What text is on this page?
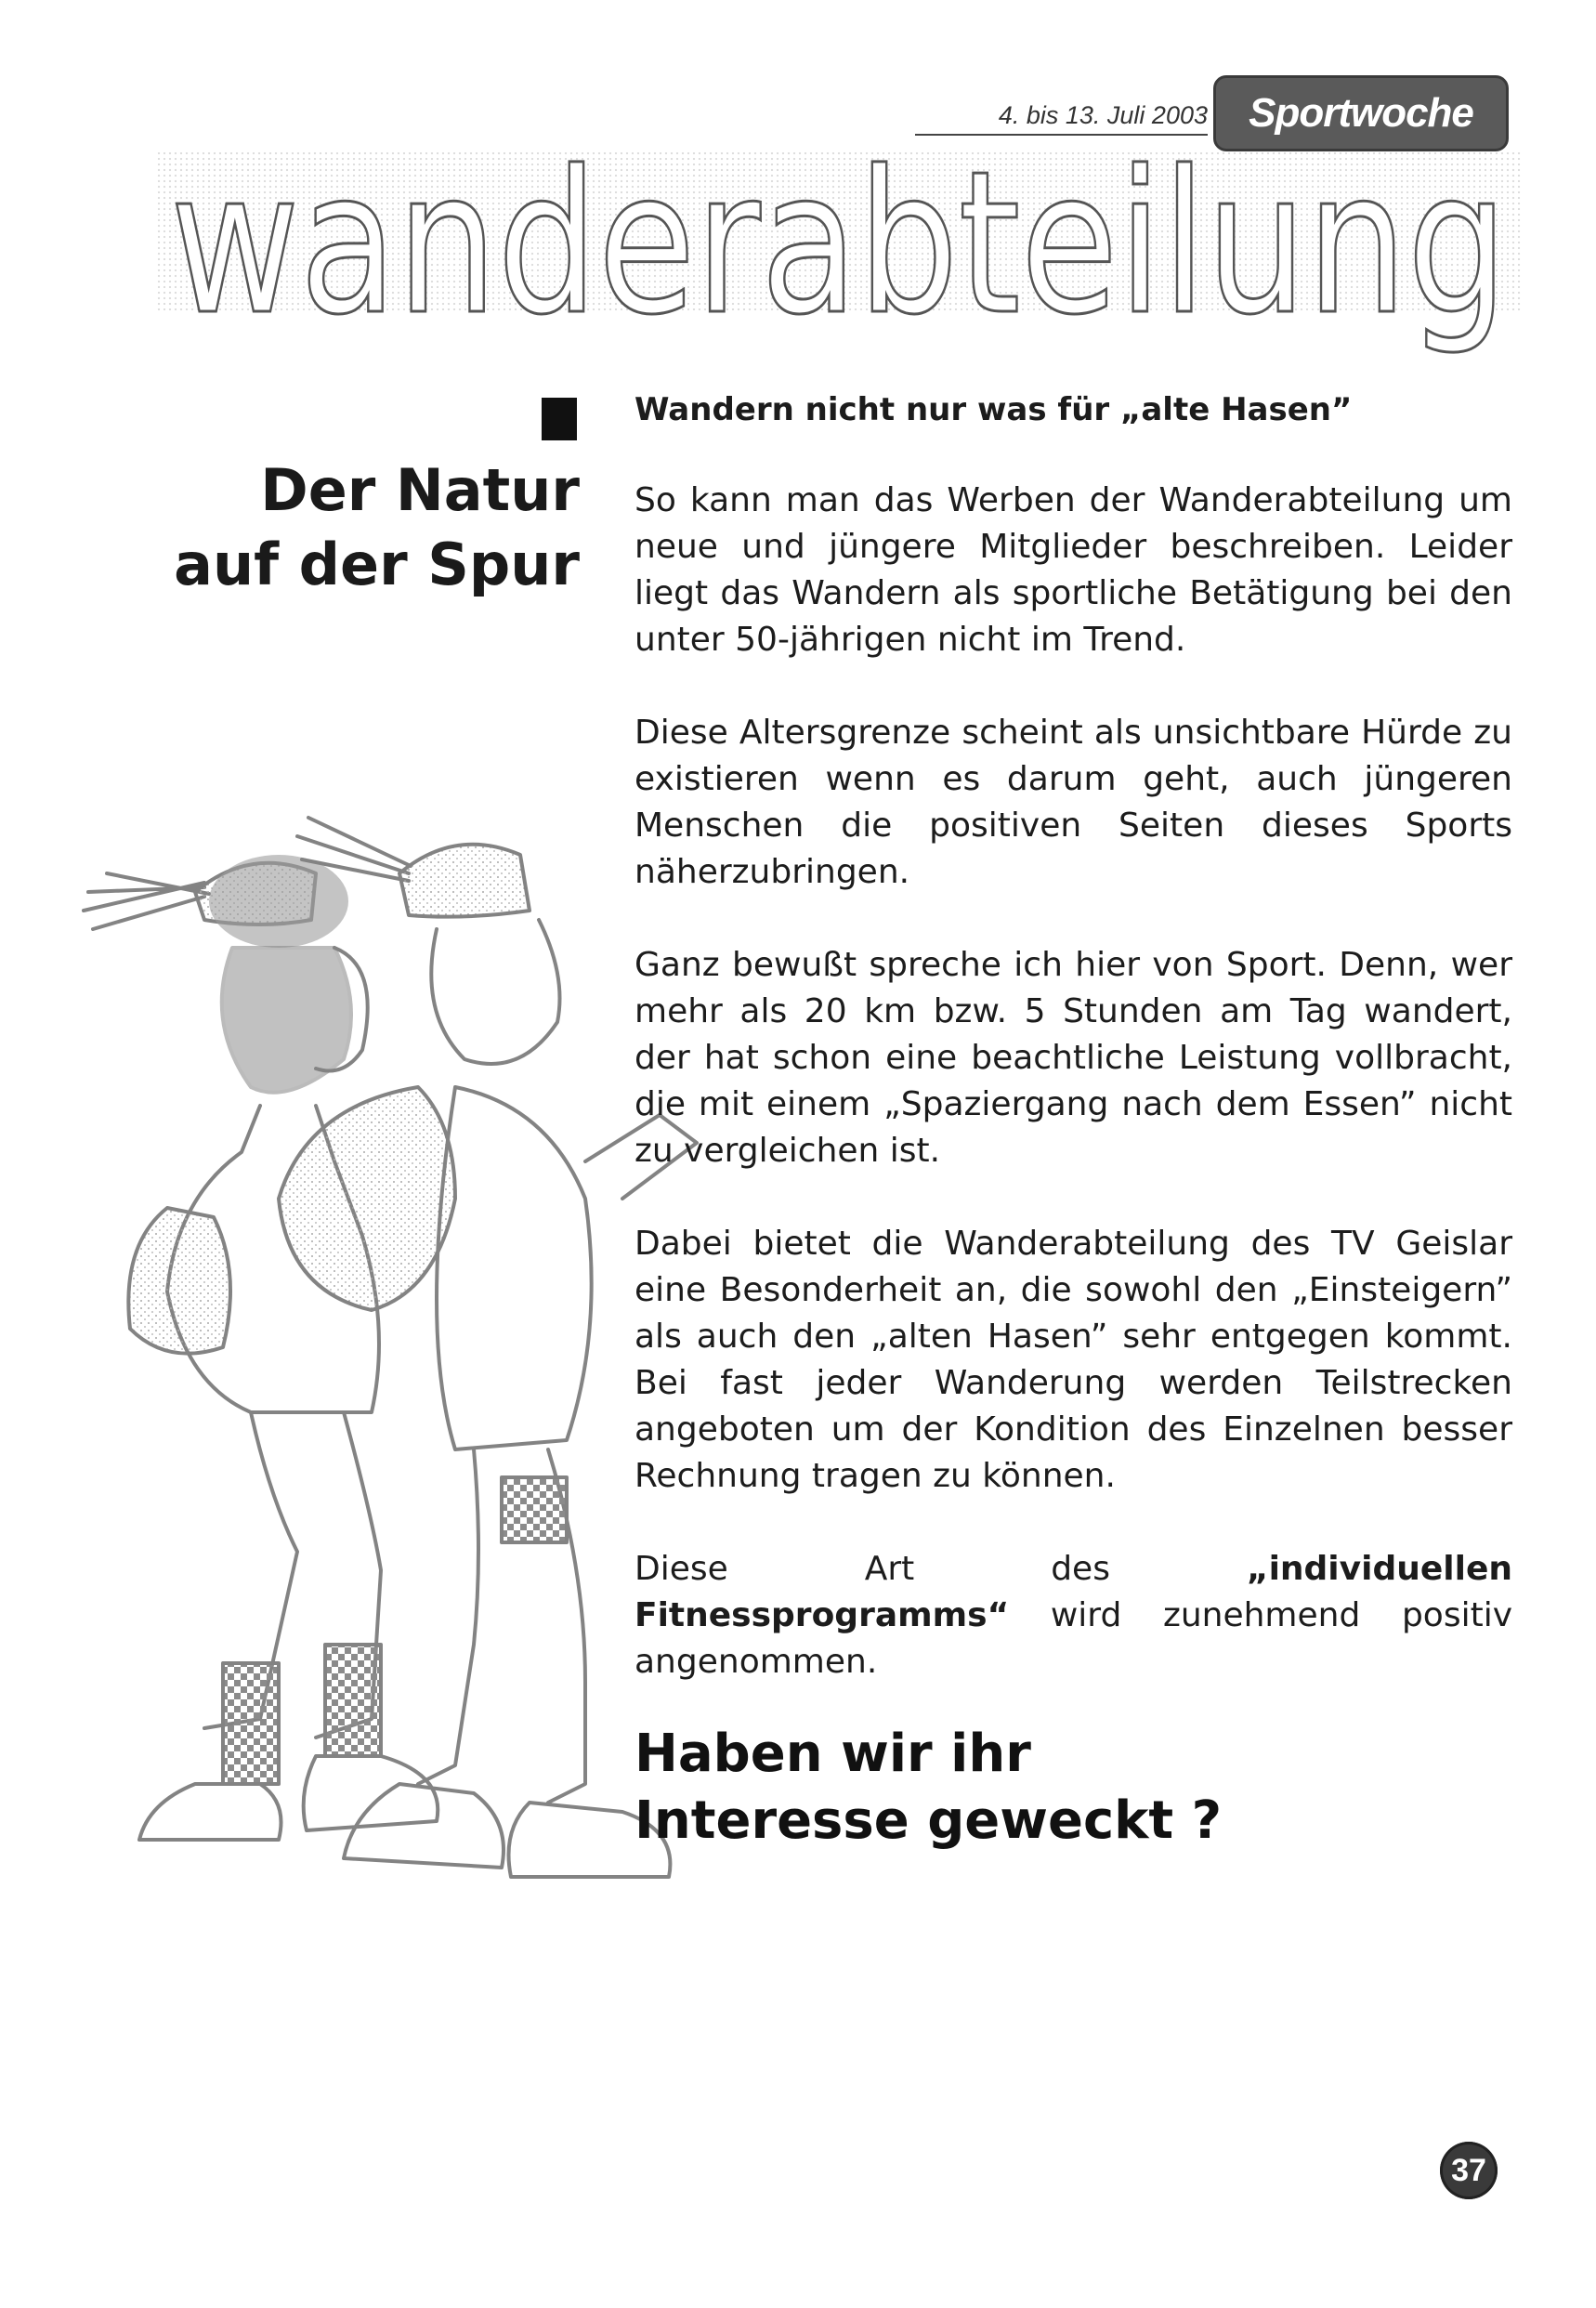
4. bis 13. Juli 2003	Sportwoche
wanderabteilung
Der Natur
auf der Spur
Wandern nicht nur was für „alte Hasen”

So kann man das Werben der Wanderabteilung um neue und jüngere Mitglieder beschreiben. Leider liegt das Wandern als sportliche Betätigung bei den unter 50-jährigen nicht im Trend.

Diese Altersgrenze scheint als unsichtbare Hürde zu existieren wenn es darum geht, auch jüngeren Menschen die positiven Seiten dieses Sports näherzubringen.

Ganz bewußt spreche ich hier von Sport. Denn, wer mehr als 20 km bzw. 5 Stunden am Tag wandert, der hat schon eine beachtliche Leistung vollbracht, die mit einem „Spaziergang nach dem Essen” nicht zu vergleichen ist.

Dabei bietet die Wanderabteilung des TV Geislar eine Besonderheit an, die sowohl den „Einsteigern” als auch den „alten Hasen” sehr entgegen kommt. Bei fast jeder Wanderung werden Teilstrecken angeboten um der Kondition des Einzelnen besser Rechnung tragen zu können.

Diese Art des „individuellen Fitnessprogramms“ wird zunehmend positiv angenommen.

Haben wir ihr
Interesse geweckt ?
37
